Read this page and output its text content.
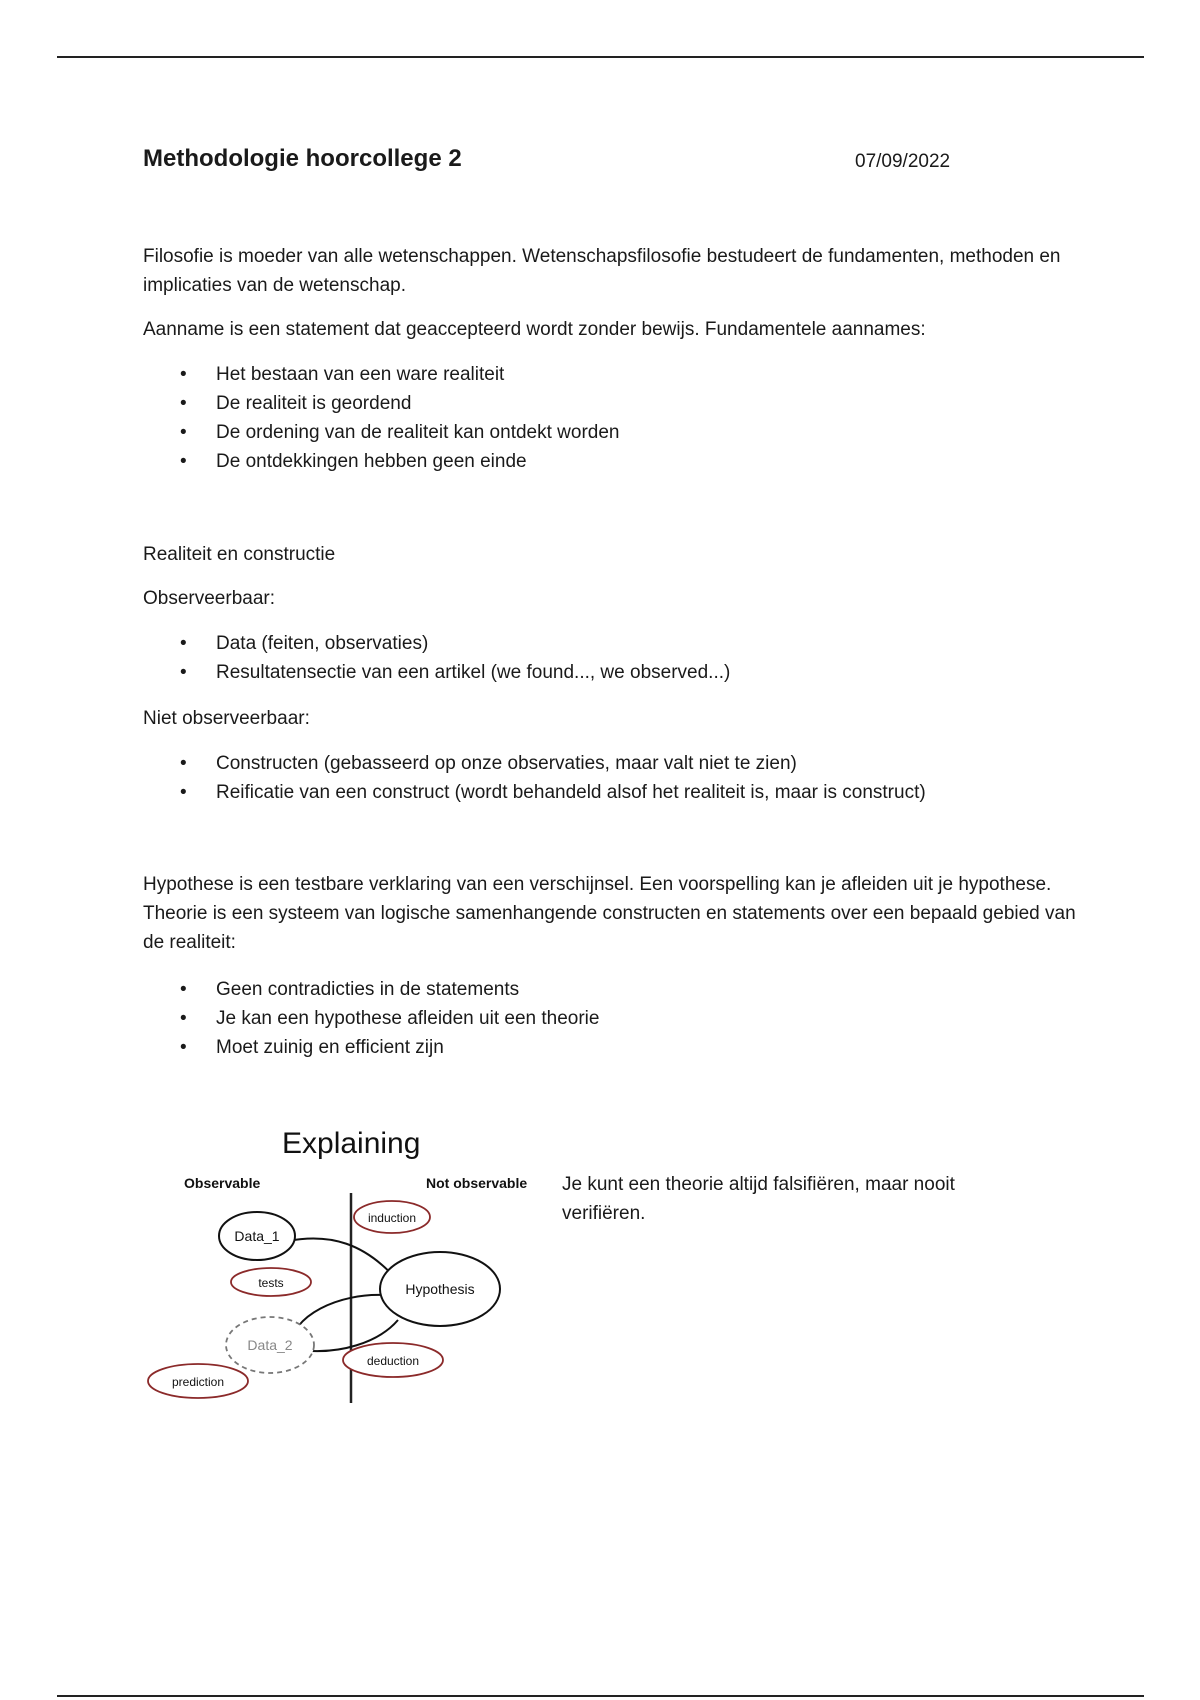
Methodologie hoorcollege 2	07/09/2022

Filosofie is moeder van alle wetenschappen. Wetenschapsfilosofie bestudeert de fundamenten, methoden en implicaties van de wetenschap.

Aanname is een statement dat geaccepteerd wordt zonder bewijs. Fundamentele aannames:

• Het bestaan van een ware realiteit
• De realiteit is geordend
• De ordening van de realiteit kan ontdekt worden
• De ontdekkingen hebben geen einde

Realiteit en constructie

Observeerbaar:

• Data (feiten, observaties)
• Resultatensectie van een artikel (we found..., we observed...)

Niet observeerbaar:

• Constructen (gebasseerd op onze observaties, maar valt niet te zien)
• Reificatie van een construct (wordt behandeld alsof het realiteit is, maar is construct)

Hypothese is een testbare verklaring van een verschijnsel. Een voorspelling kan je afleiden uit je hypothese. Theorie is een systeem van logische samenhangende constructen en statements over een bepaald gebied van de realiteit:

• Geen contradicties in de statements
• Je kan een hypothese afleiden uit een theorie
• Moet zuinig en efficient zijn
Explaining
Observable	Not observable
Data_1
induction
tests	Hypothesis
Data_2
deduction
prediction

Je kunt een theorie altijd falsifiëren, maar nooit verifiëren.
